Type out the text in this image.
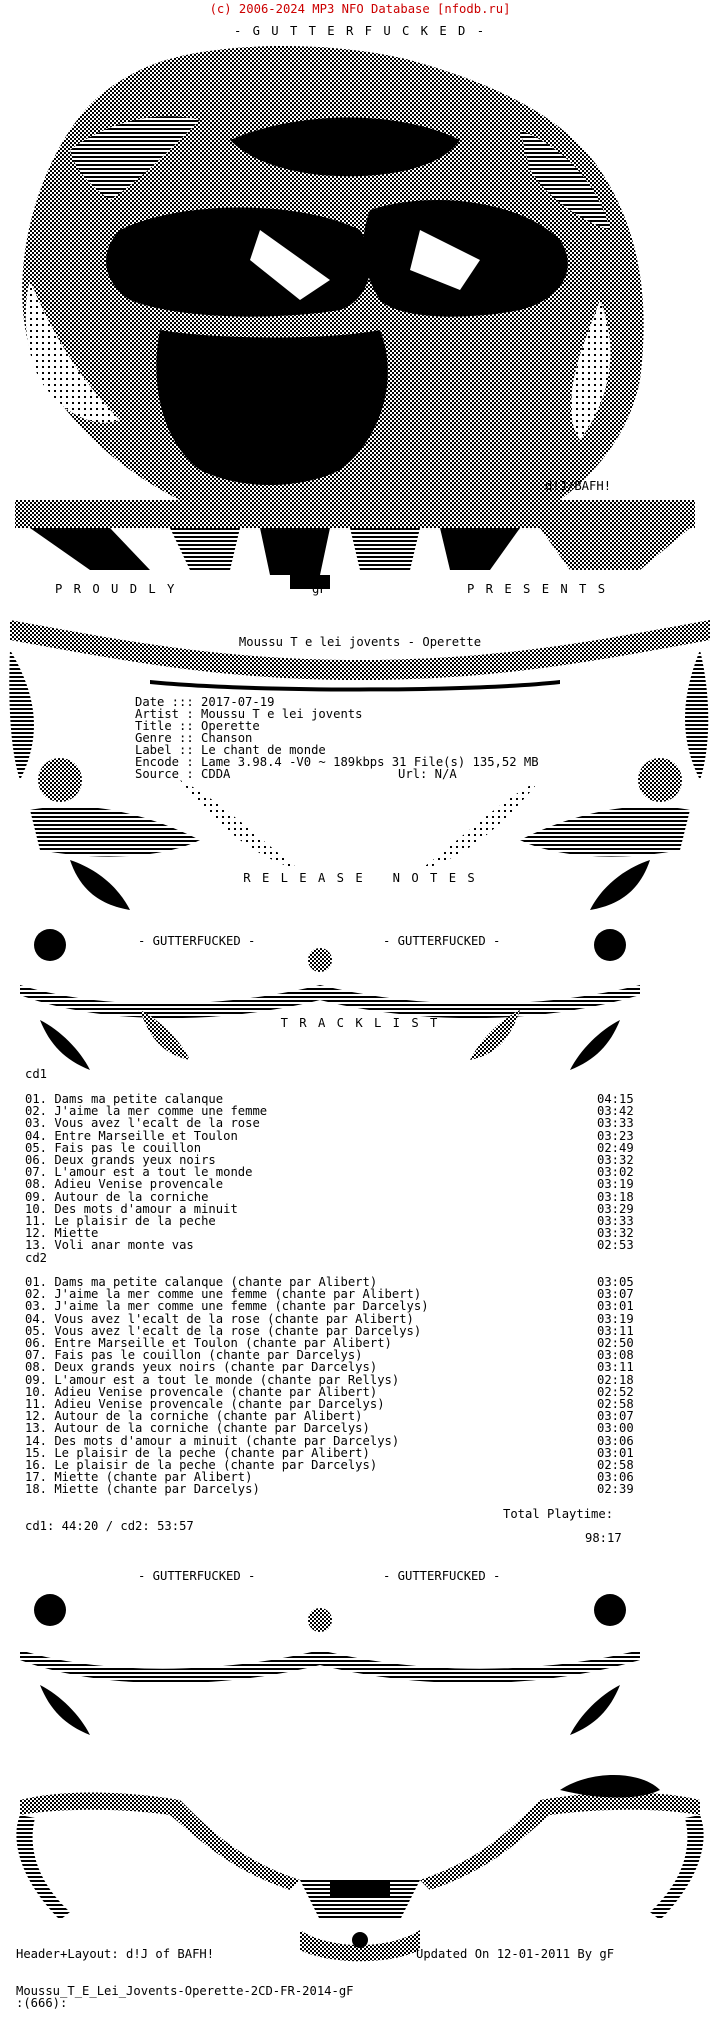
(c) 2006-2024 MP3 NFO Database [nfodb.ru]
- G U T T E R F U C K E D -
d!J/BAFH!
P R O U D L Y	gF	P R E S E N T S
Moussu T e lei jovents - Operette
Date ::: 2017-07-19
Artist : Moussu T e lei jovents
Title :: Operette
Genre :: Chanson
Label :: Le chant de monde
Encode : Lame 3.98.4 -V0 ~ 189kbps 31 File(s) 135,52 MB
Source : CDDA	Url: N/A
R E L E A S E   N O T E S
- GUTTERFUCKED -	- GUTTERFUCKED -
T R A C K L I S T
cd1
01. Dams ma petite calanque	04:15
02. J'aime la mer comme une femme	03:42
03. Vous avez l'ecalt de la rose	03:33
04. Entre Marseille et Toulon	03:23
05. Fais pas le couillon	02:49
06. Deux grands yeux noirs	03:32
07. L'amour est a tout le monde	03:02
08. Adieu Venise provencale	03:19
09. Autour de la corniche	03:18
10. Des mots d'amour a minuit	03:29
11. Le plaisir de la peche	03:33
12. Miette	03:32
13. Voli anar monte vas	02:53
cd2
01. Dams ma petite calanque (chante par Alibert)	03:05
02. J'aime la mer comme une femme (chante par Alibert)	03:07
03. J'aime la mer comme une femme (chante par Darcelys)	03:01
04. Vous avez l'ecalt de la rose (chante par Alibert)	03:19
05. Vous avez l'ecalt de la rose (chante par Darcelys)	03:11
06. Entre Marseille et Toulon (chante par Alibert)	02:50
07. Fais pas le couillon (chante par Darcelys)	03:08
08. Deux grands yeux noirs (chante par Darcelys)	03:11
09. L'amour est a tout le monde (chante par Rellys)	02:18
10. Adieu Venise provencale (chante par Alibert)	02:52
11. Adieu Venise provencale (chante par Darcelys)	02:58
12. Autour de la corniche (chante par Alibert)	03:07
13. Autour de la corniche (chante par Darcelys)	03:00
14. Des mots d'amour a minuit (chante par Darcelys)	03:06
15. Le plaisir de la peche (chante par Alibert)	03:01
16. Le plaisir de la peche (chante par Darcelys)	02:58
17. Miette (chante par Alibert)	03:06
18. Miette (chante par Darcelys)	02:39
Total Playtime:
cd1: 44:20 / cd2: 53:57
98:17
- GUTTERFUCKED -	- GUTTERFUCKED -
Header+Layout: d!J of BAFH!	Updated On 12-01-2011 By gF
Moussu_T_E_Lei_Jovents-Operette-2CD-FR-2014-gF
:(666):
